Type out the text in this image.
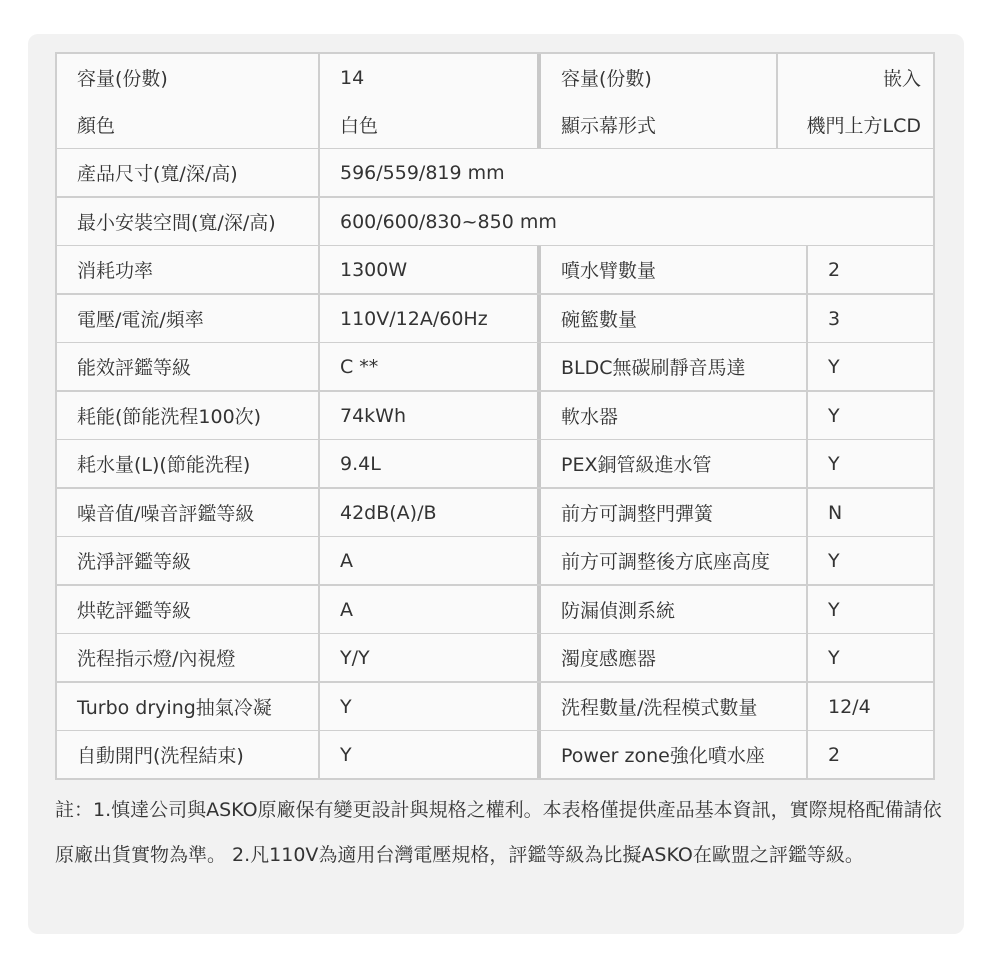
容量(份數)	14	容量(份數)	嵌入
顏色	白色	顯示幕形式	機門上方LCD
產品尺寸(寬/深/高)	596/559/819 mm
最小安裝空間(寬/深/高)	600/600/830~850 mm
消耗功率	1300W	噴水臂數量	2
電壓/電流/頻率	110V/12A/60Hz	碗籃數量	3
能效評鑑等級	C **	BLDC無碳刷靜音馬達	Y
耗能(節能洗程100次)	74kWh	軟水器	Y
耗水量(L)(節能洗程)	9.4L	PEX銅管級進水管	Y
噪音值/噪音評鑑等級	42dB(A)/B	前方可調整門彈簧	N
洗淨評鑑等級	A	前方可調整後方底座高度	Y
烘乾評鑑等級	A	防漏偵測系統	Y
洗程指示燈/內視燈	Y/Y	濁度感應器	Y
Turbo drying抽氣冷凝	Y	洗程數量/洗程模式數量	12/4
自動開門(洗程結束)	Y	Power zone強化噴水座	2
註：1.慎達公司與ASKO原廠保有變更設計與規格之權利。本表格僅提供產品基本資訊，實際規格配備請依原廠出貨實物為準。 2.凡110V為適用台灣電壓規格，評鑑等級為比擬ASKO在歐盟之評鑑等級。
